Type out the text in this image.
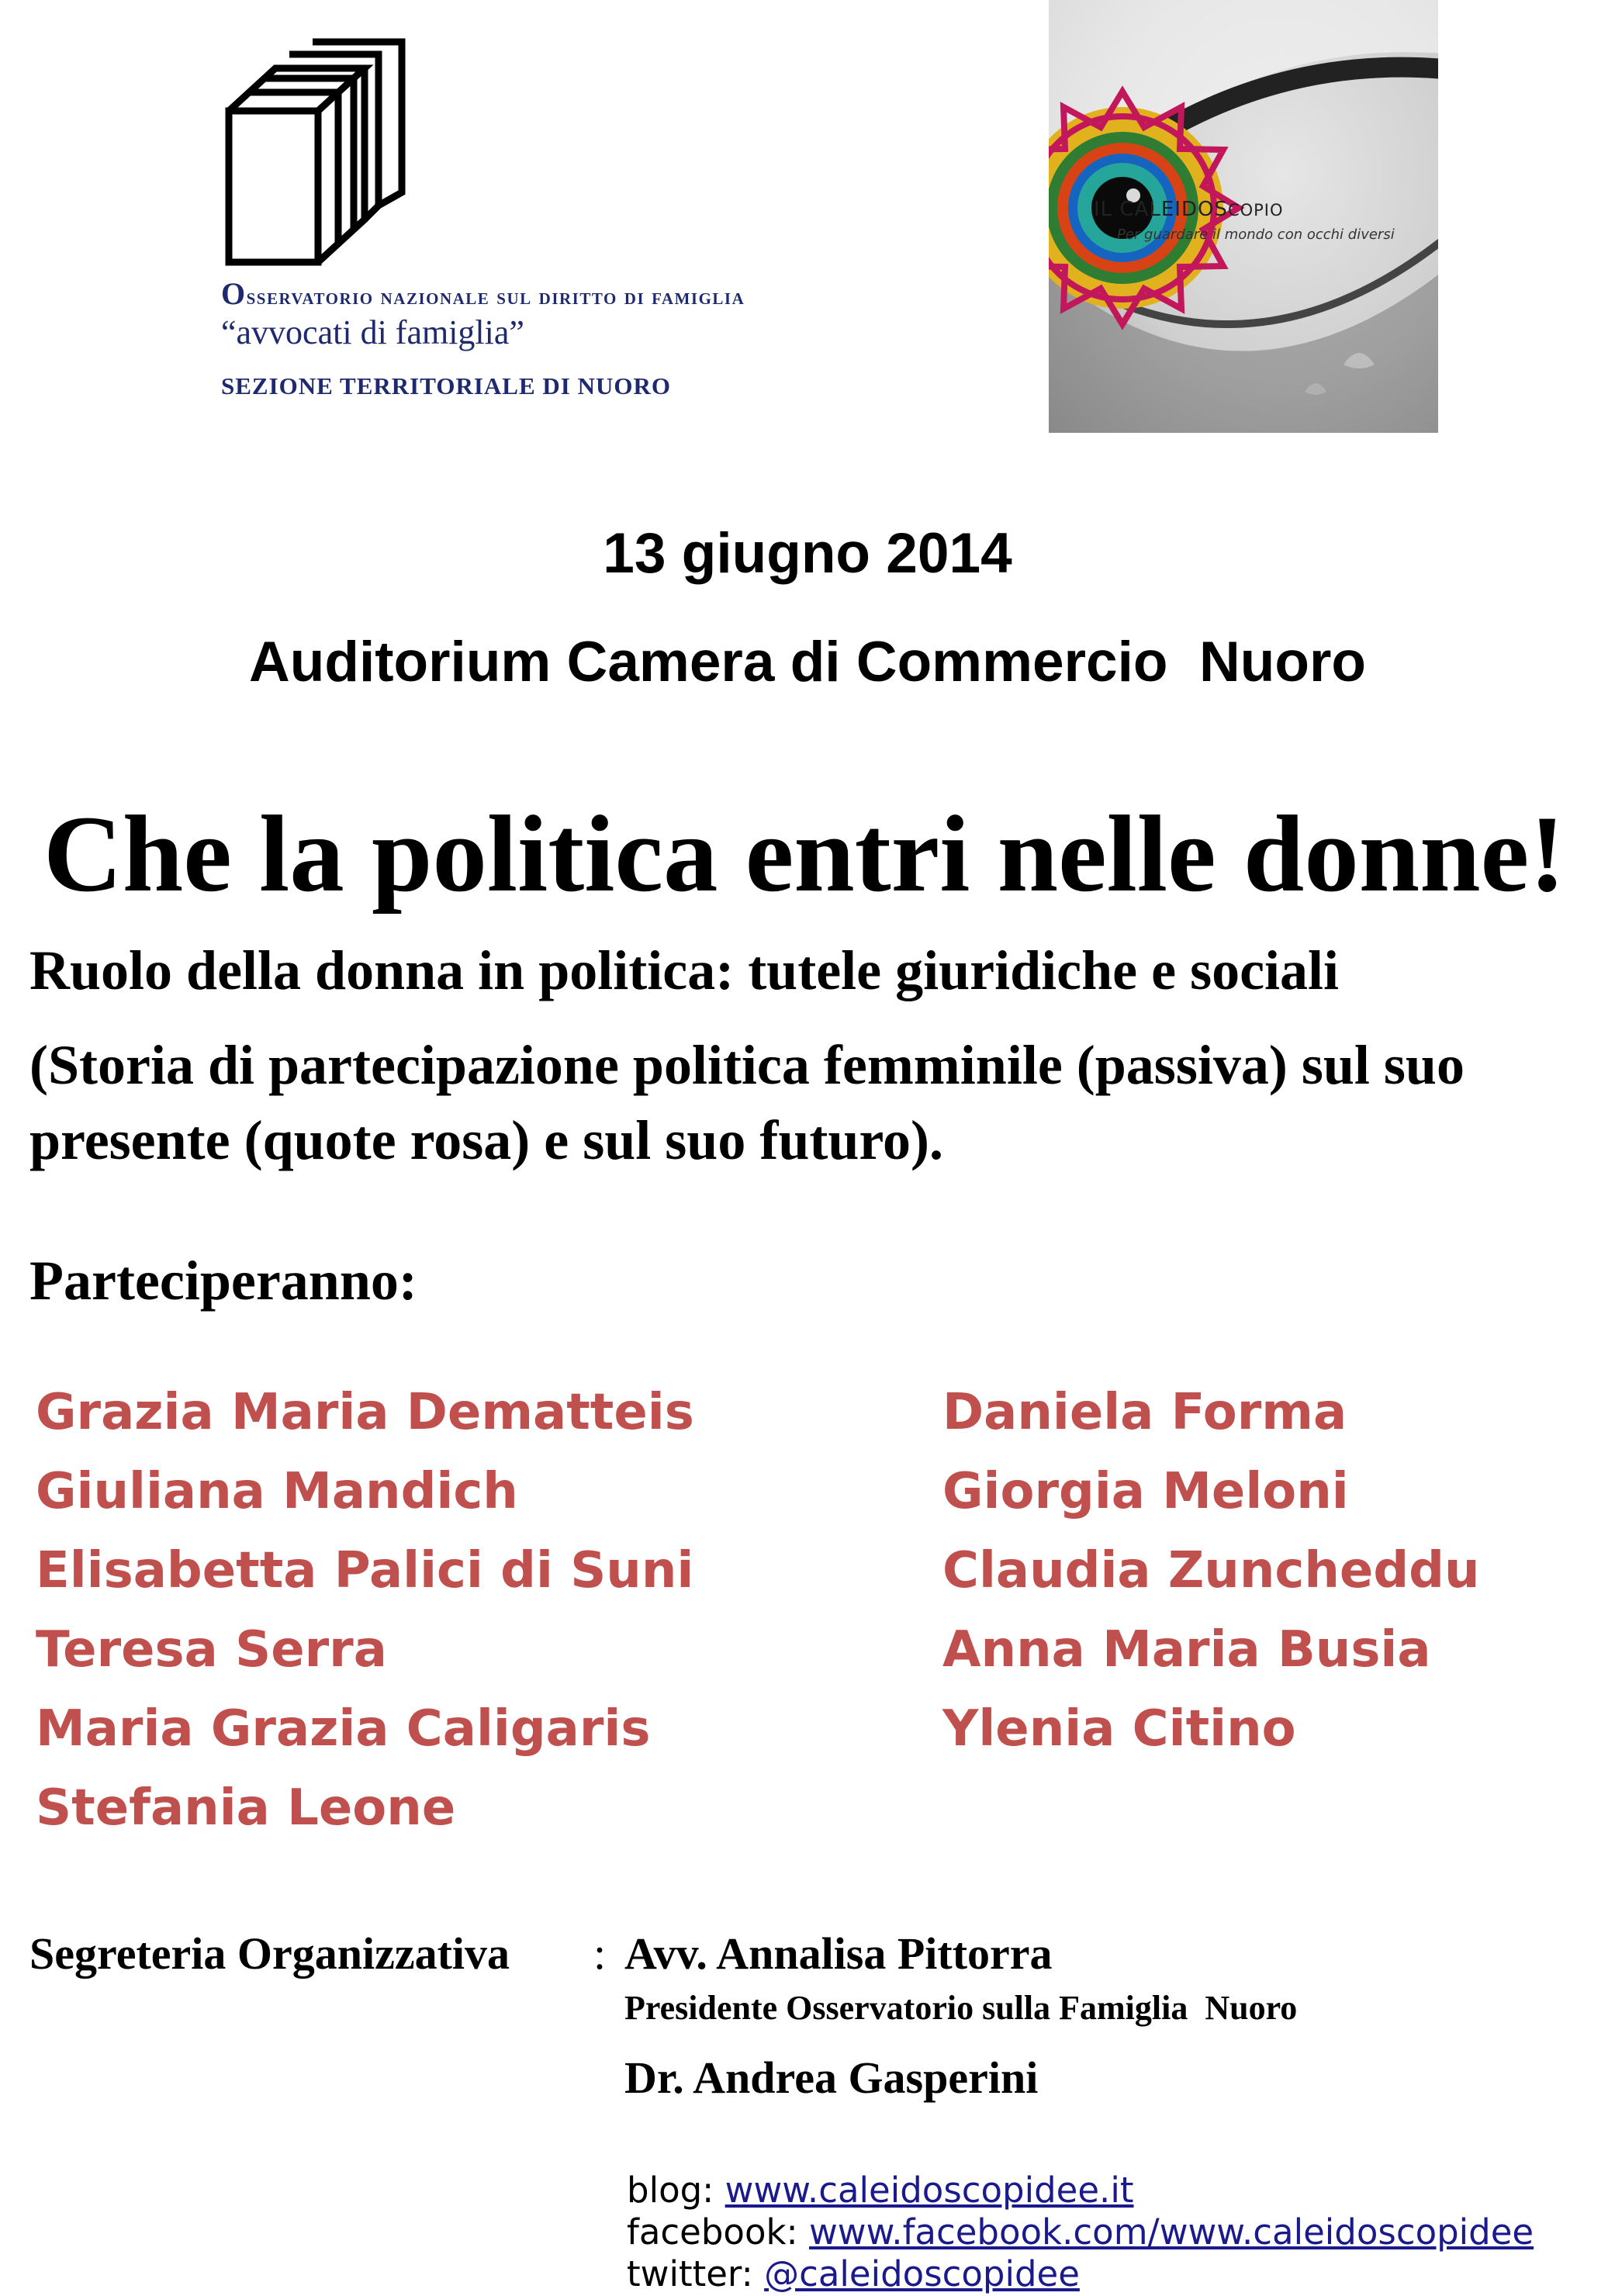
Osservatorio nazionale sul diritto di famiglia
“avvocati di famiglia”
SEZIONE TERRITORIALE DI NUORO
IL CALEIDOSCOPIO
Per guardare il mondo con occhi diversi
13 giugno 2014
Auditorium Camera di Commercio  Nuoro
Che la politica entri nelle donne!
Ruolo della donna in politica: tutele giuridiche e sociali
(Storia di partecipazione politica femminile (passiva) sul suo presente (quote rosa) e sul suo futuro).
Parteciperanno:
Grazia Maria Dematteis
Giuliana Mandich
Elisabetta Palici di Suni
Teresa Serra
Maria Grazia Caligaris
Stefania Leone
Daniela Forma
Giorgia Meloni
Claudia Zuncheddu
Anna Maria Busia
Ylenia Citino
Segreteria Organizzativa : Avv. Annalisa Pittorra
Presidente Osservatorio sulla Famiglia  Nuoro
Dr. Andrea Gasperini
blog: www.caleidoscopidee.it
facebook: www.facebook.com/www.caleidoscopidee
twitter: @caleidoscopidee
